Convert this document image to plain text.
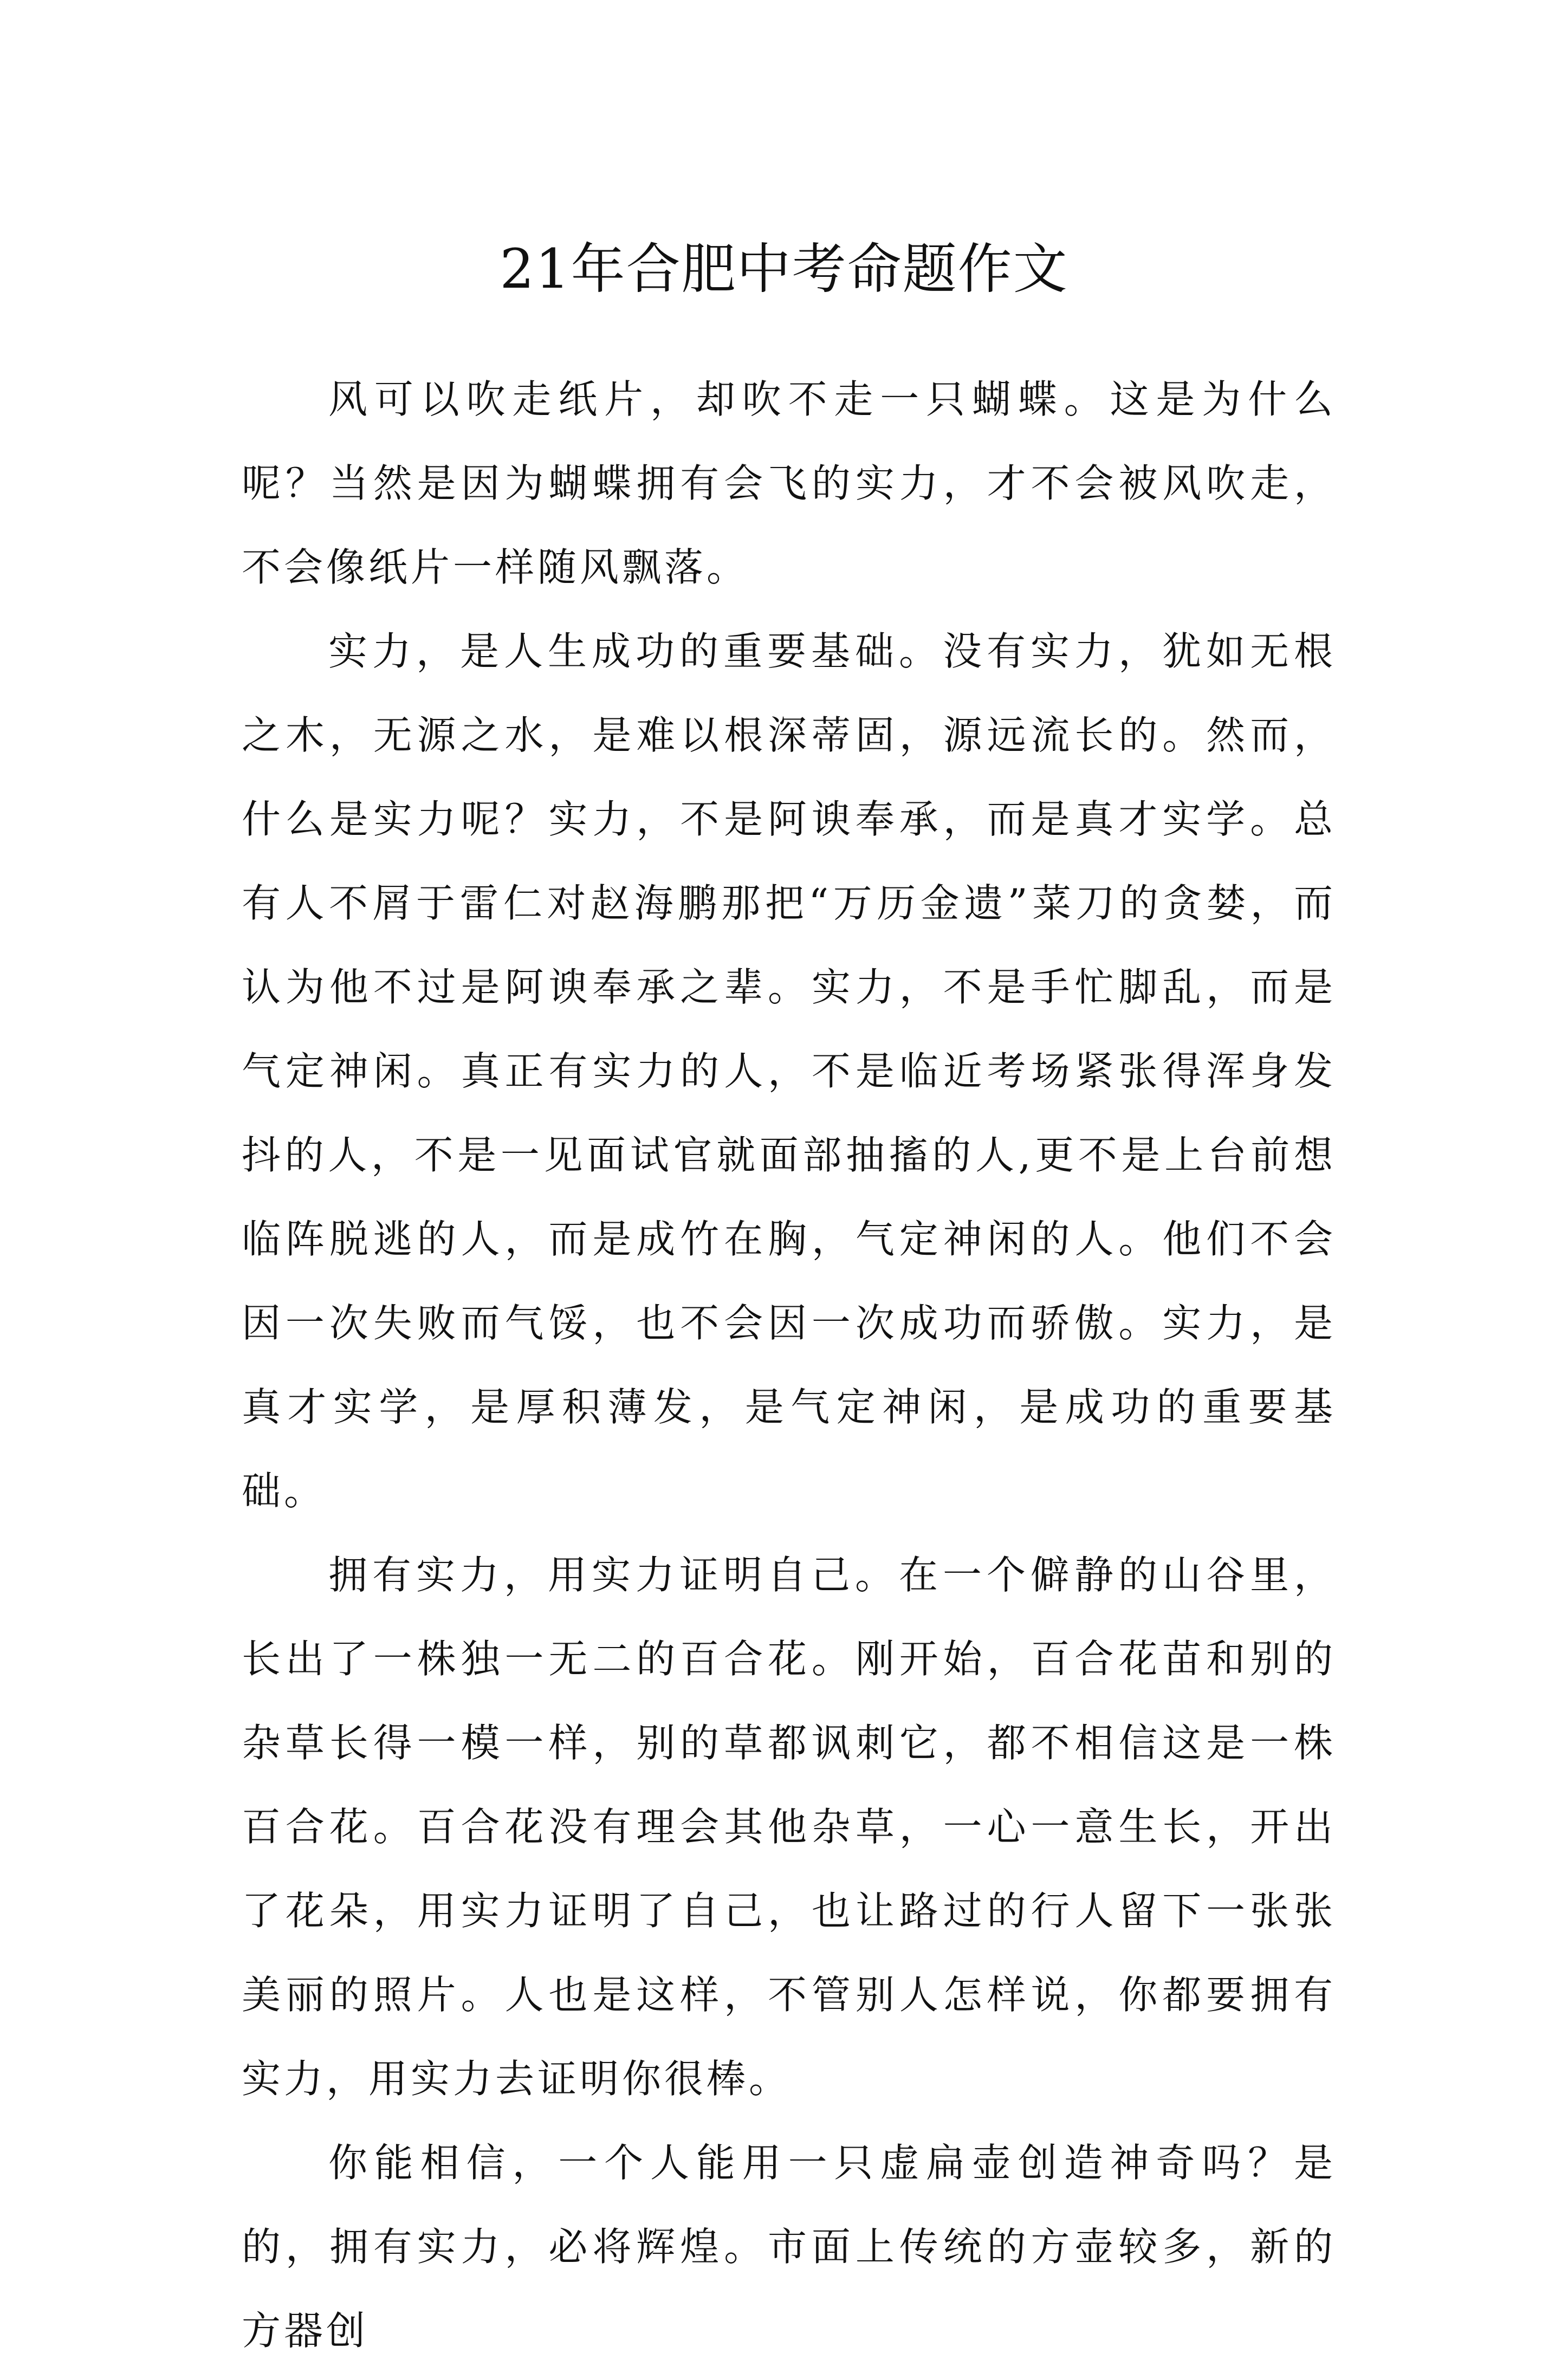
21年合肥中考命题作文

风可以吹走纸片，却吹不走一只蝴蝶。这是为什么呢？当然是因为蝴蝶拥有会飞的实力，才不会被风吹走，不会像纸片一样随风飘落。

实力，是人生成功的重要基础。没有实力，犹如无根之木，无源之水，是难以根深蒂固，源远流长的。然而，什么是实力呢？实力，不是阿谀奉承，而是真才实学。总有人不屑于雷仁对赵海鹏那把“万历金遗”菜刀的贪婪，而认为他不过是阿谀奉承之辈。实力，不是手忙脚乱，而是气定神闲。真正有实力的人，不是临近考场紧张得浑身发抖的人，不是一见面试官就面部抽搐的人,更不是上台前想临阵脱逃的人，而是成竹在胸，气定神闲的人。他们不会因一次失败而气馁，也不会因一次成功而骄傲。实力，是真才实学，是厚积薄发，是气定神闲，是成功的重要基础。

拥有实力，用实力证明自己。在一个僻静的山谷里，长出了一株独一无二的百合花。刚开始，百合花苗和别的杂草长得一模一样，别的草都讽刺它，都不相信这是一株百合花。百合花没有理会其他杂草，一心一意生长，开出了花朵，用实力证明了自己，也让路过的行人留下一张张美丽的照片。人也是这样，不管别人怎样说，你都要拥有实力，用实力去证明你很棒。

你能相信，一个人能用一只虚扁壶创造神奇吗？是的，拥有实力，必将辉煌。市面上传统的方壶较多，新的方器创
